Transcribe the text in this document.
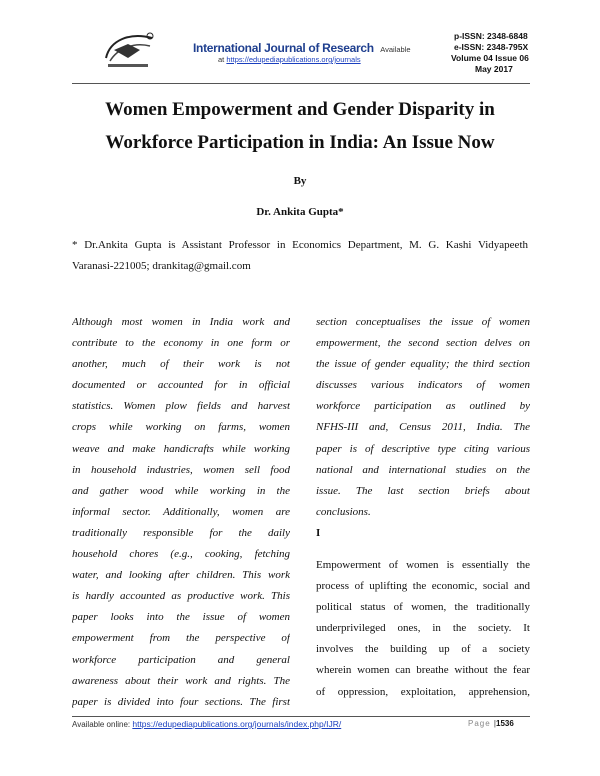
International Journal of Research Available
at https://edupediapublications.org/journals
p-ISSN: 2348-6848
e-ISSN: 2348-795X
Volume 04 Issue 06
May 2017
Women Empowerment and Gender Disparity in
Workforce Participation in India: An Issue Now
By
Dr. Ankita Gupta*
* Dr.Ankita Gupta is Assistant Professor in Economics Department, M. G. Kashi Vidyapeeth
Varanasi-221005; drankitag@gmail.com
Although most women in India work and
contribute to the economy in one form or
another, much of their work is not
documented or accounted for in official
statistics. Women plow fields and harvest
crops while working on farms, women
weave and make handicrafts while working
in household industries, women sell food
and gather wood while working in the
informal sector. Additionally, women are
traditionally responsible for the daily
household chores (e.g., cooking, fetching
water, and looking after children. This work
is hardly accounted as productive work. This
paper looks into the issue of women
empowerment from the perspective of
workforce participation and general
awareness about their work and rights. The
paper is divided into four sections. The first
section conceptualises the issue of women
empowerment, the second section delves on
the issue of gender equality; the third section
discusses various indicators of women
workforce participation as outlined by
NFHS-III and, Census 2011, India. The
paper is of descriptive type citing various
national and international studies on the
issue. The last section briefs about
conclusions.
I
Empowerment of women is essentially the
process of uplifting the economic, social and
political status of women, the traditionally
underprivileged ones, in the society. It
involves the building up of a society
wherein women can breathe without the fear
of oppression, exploitation, apprehension,
Available online: https://edupediapublications.org/journals/index.php/IJR/	Page |1536
